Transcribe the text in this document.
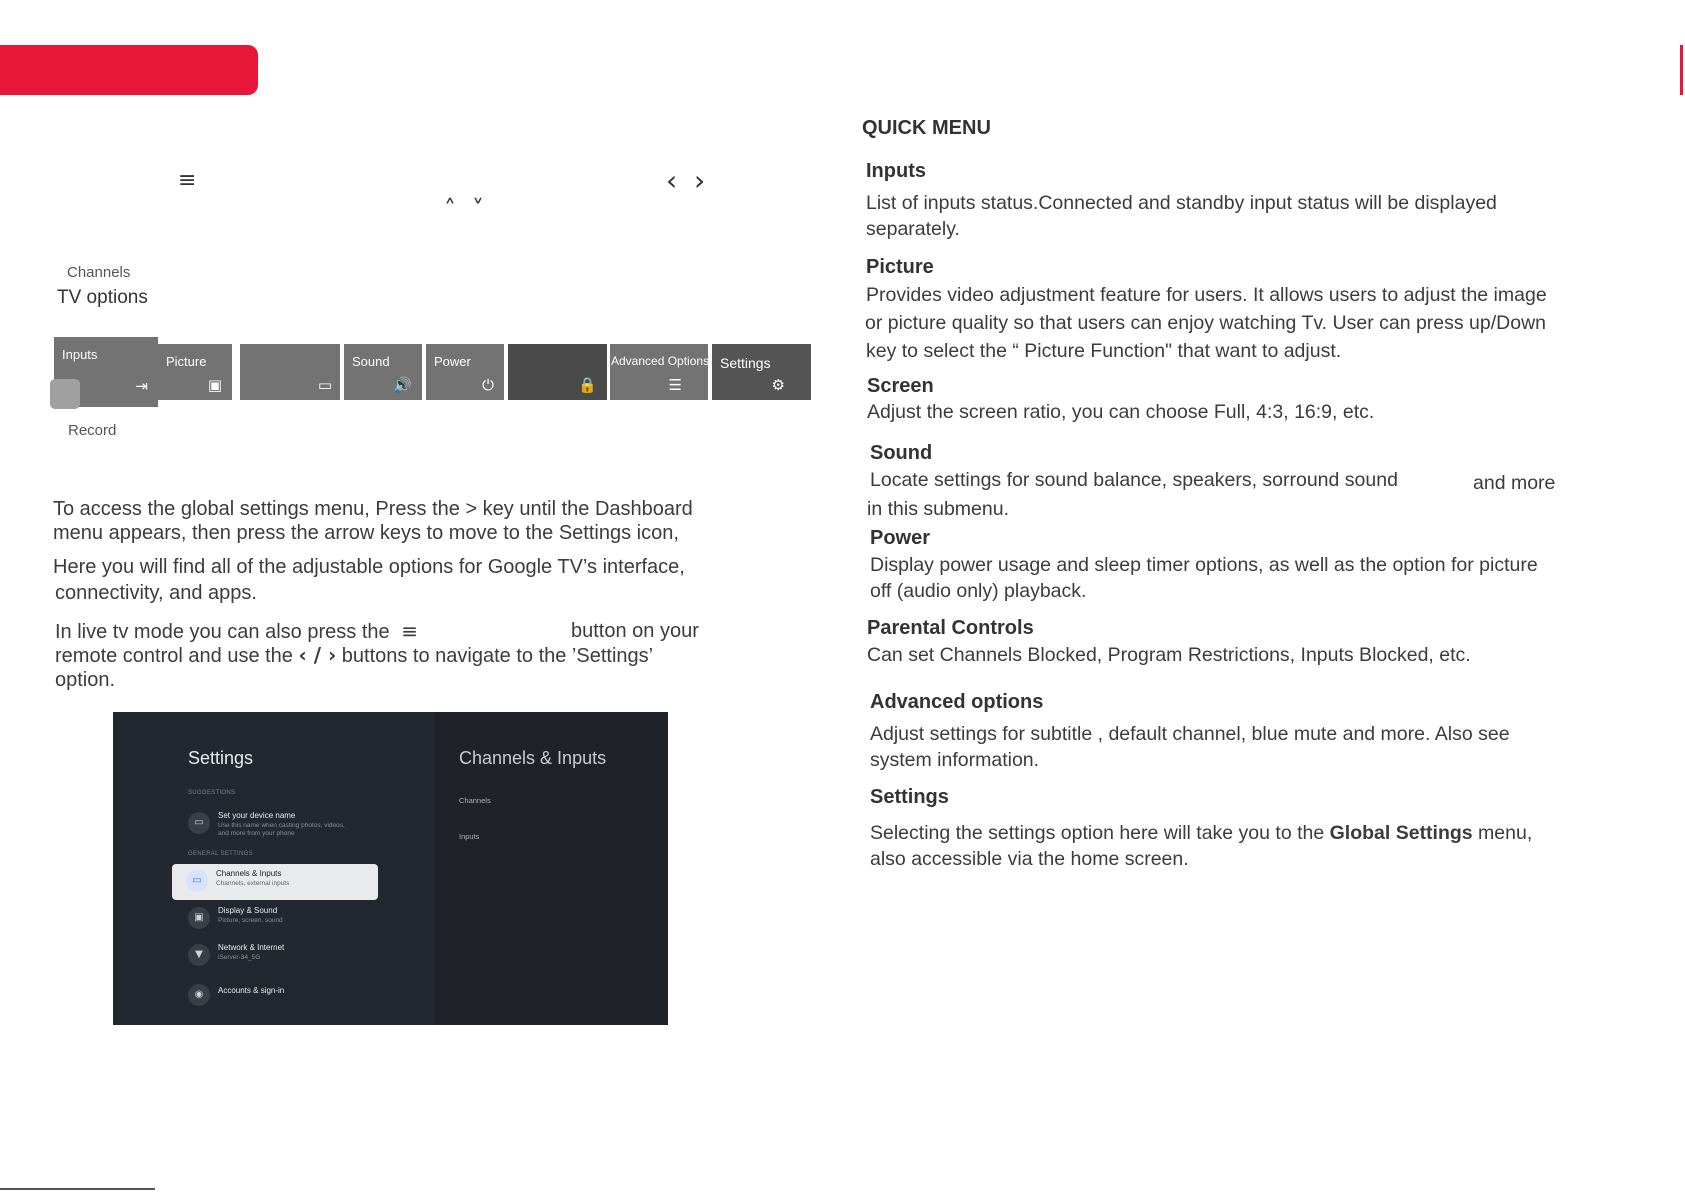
≡	‹ ›
˄ ˅
Channels
TV options
Inputs
⇥
Picture
▣	▭
Sound
🔊
Power
⏻	🔒
Advanced Options
☰
Settings
⚙
Record
To access the global settings menu, Press the > key until the Dashboard
menu appears, then press the arrow keys to move to the Settings icon,
Here you will find all of the adjustable options for Google TV’s interface,
connectivity, and apps.
In live tv mode you can also press the ≡	button on your
remote control and use the ‹ / › buttons to navigate to the ’Settings’
option.
Settings
SUGGESTIONS
▭
Set your device name
Use this name when casting photos, videos,
and more from your phone
GENERAL SETTINGS
▭
Channels & Inputs
Channels, external inputs
▣
Display & Sound
Picture, screen, sound
▼
Network & Internet
iServer-34_5G
◉	Accounts & sign-in
Channels & Inputs
Channels
Inputs
QUICK MENU
Inputs
List of inputs status.Connected and standby input status will be displayed
separately.
Picture
Provides video adjustment feature for users. It allows users to adjust the image
or picture quality so that users can enjoy watching Tv. User can press up/Down
key to select the “ Picture Function" that want to adjust.
Screen
Adjust the screen ratio, you can choose Full, 4:3, 16:9, etc.
Sound
Locate settings for sound balance, speakers, sorround sound	and more
in this submenu.
Power
Display power usage and sleep timer options, as well as the option for picture
off (audio only) playback.
Parental Controls
Can set Channels Blocked, Program Restrictions, Inputs Blocked, etc.
Advanced options
Adjust settings for subtitle , default channel, blue mute and more. Also see
system information.
Settings
Selecting the settings option here will take you to the Global Settings menu,
also accessible via the home screen.
